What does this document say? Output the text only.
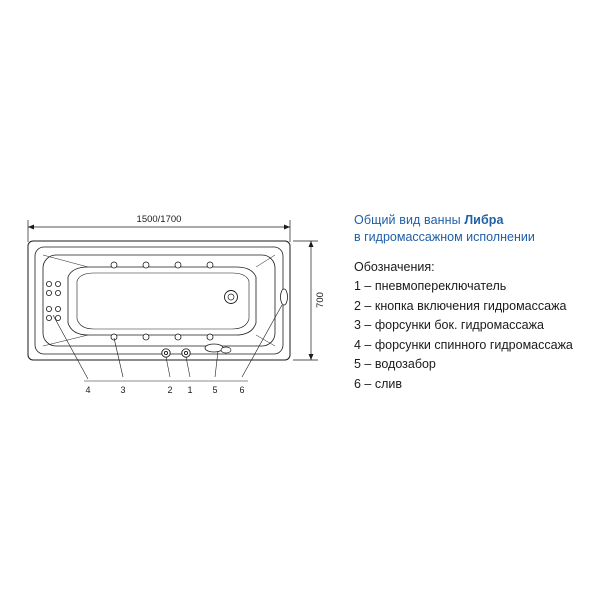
1500/1700
700
4	3	2 1 5 6
Общий вид ванны Либра
в гидромассажном исполнении
Обозначения:
1 – пневмопереключатель
2 – кнопка включения гидромассажа
3 – форсунки бок. гидромассажа
4 – форсунки спинного гидромассажа
5 – водозабор
6 – слив
